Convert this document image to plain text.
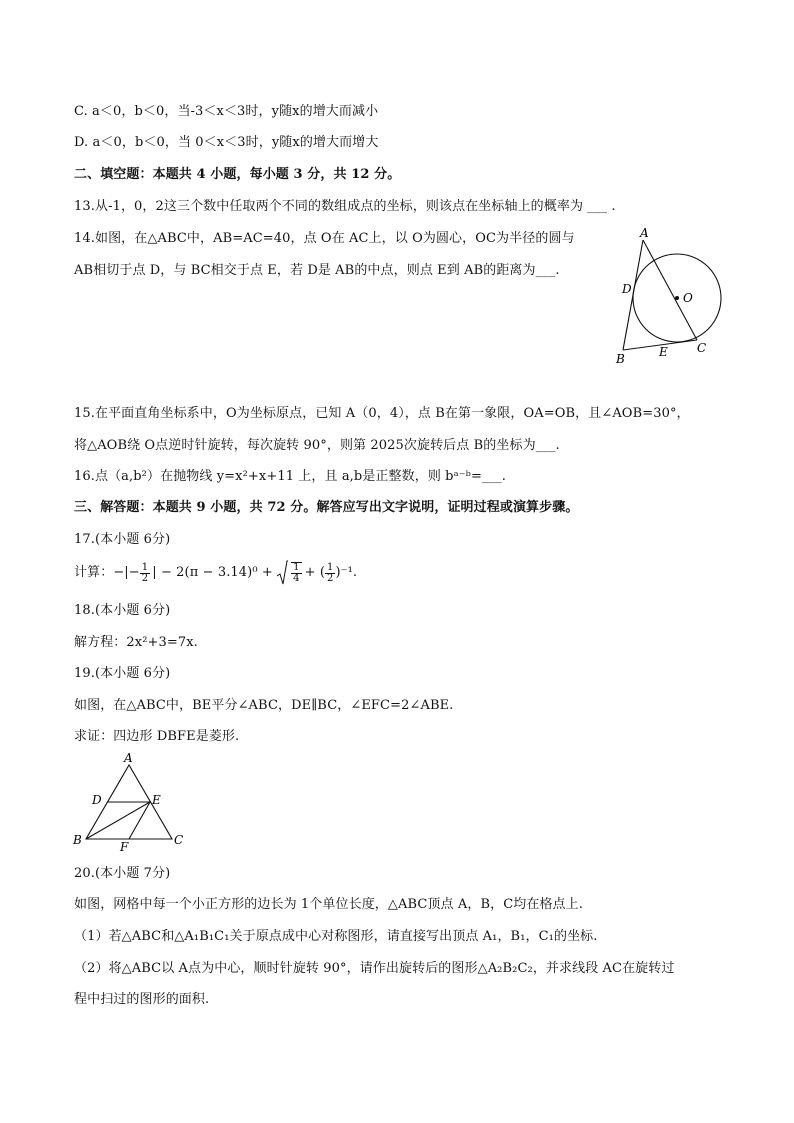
C. a＜0，b＜0，当-3＜x＜3时，y随x的增大而减小
D. a＜0，b＜0，当 0＜x＜3时，y随x的增大而增大
二、填空题：本题共 4 小题，每小题 3 分，共 12 分。
13.从-1，0，2这三个数中任取两个不同的数组成点的坐标，则该点在坐标轴上的概率为 ___ .
14.如图，在△ABC中，AB=AC=40，点 O在 AC上，以 O为圆心，OC为半径的圆与
AB相切于点 D，与 BC相交于点 E，若 D是 AB的中点，则点 E到 AB的距离为___.
A
D
O
B	E C
15.在平面直角坐标系中，O为坐标原点，已知 A（0，4），点 B在第一象限，OA=OB，且∠AOB=30°，
将△AOB绕 O点逆时针旋转，每次旋转 90°，则第 2025次旋转后点 B的坐标为___.
16.点（a,b²）在抛物线 y=x²+x+11 上，且 a,b是正整数，则 bᵃ⁻ᵇ=___.
三、解答题：本题共 9 小题，共 72 分。解答应写出文字说明，证明过程或演算步骤。
17.(本小题 6分)
计算： −|− $\frac{1}{2}$ | − 2(π − 3.14)⁰ +
$\frac{1}{4}$ + ( $\frac{1}{2} )^{-1}$.
18.(本小题 6分)
解方程：2x²+3=7x.
19.(本小题 6分)
如图，在△ABC中，BE平分∠ABC，DE∥BC，∠EFC=2∠ABE.
求证：四边形 DBFE是菱形.
A
D	E
B	F	C
20.(本小题 7分)
如图，网格中每一个小正方形的边长为 1个单位长度，△ABC顶点 A，B，C均在格点上.
（1）若△ABC和△A₁B₁C₁关于原点成中心对称图形，请直接写出顶点 A₁，B₁，C₁的坐标.
（2）将△ABC以 A点为中心，顺时针旋转 90°，请作出旋转后的图形△A₂B₂C₂，并求线段 AC在旋转过
程中扫过的图形的面积.
